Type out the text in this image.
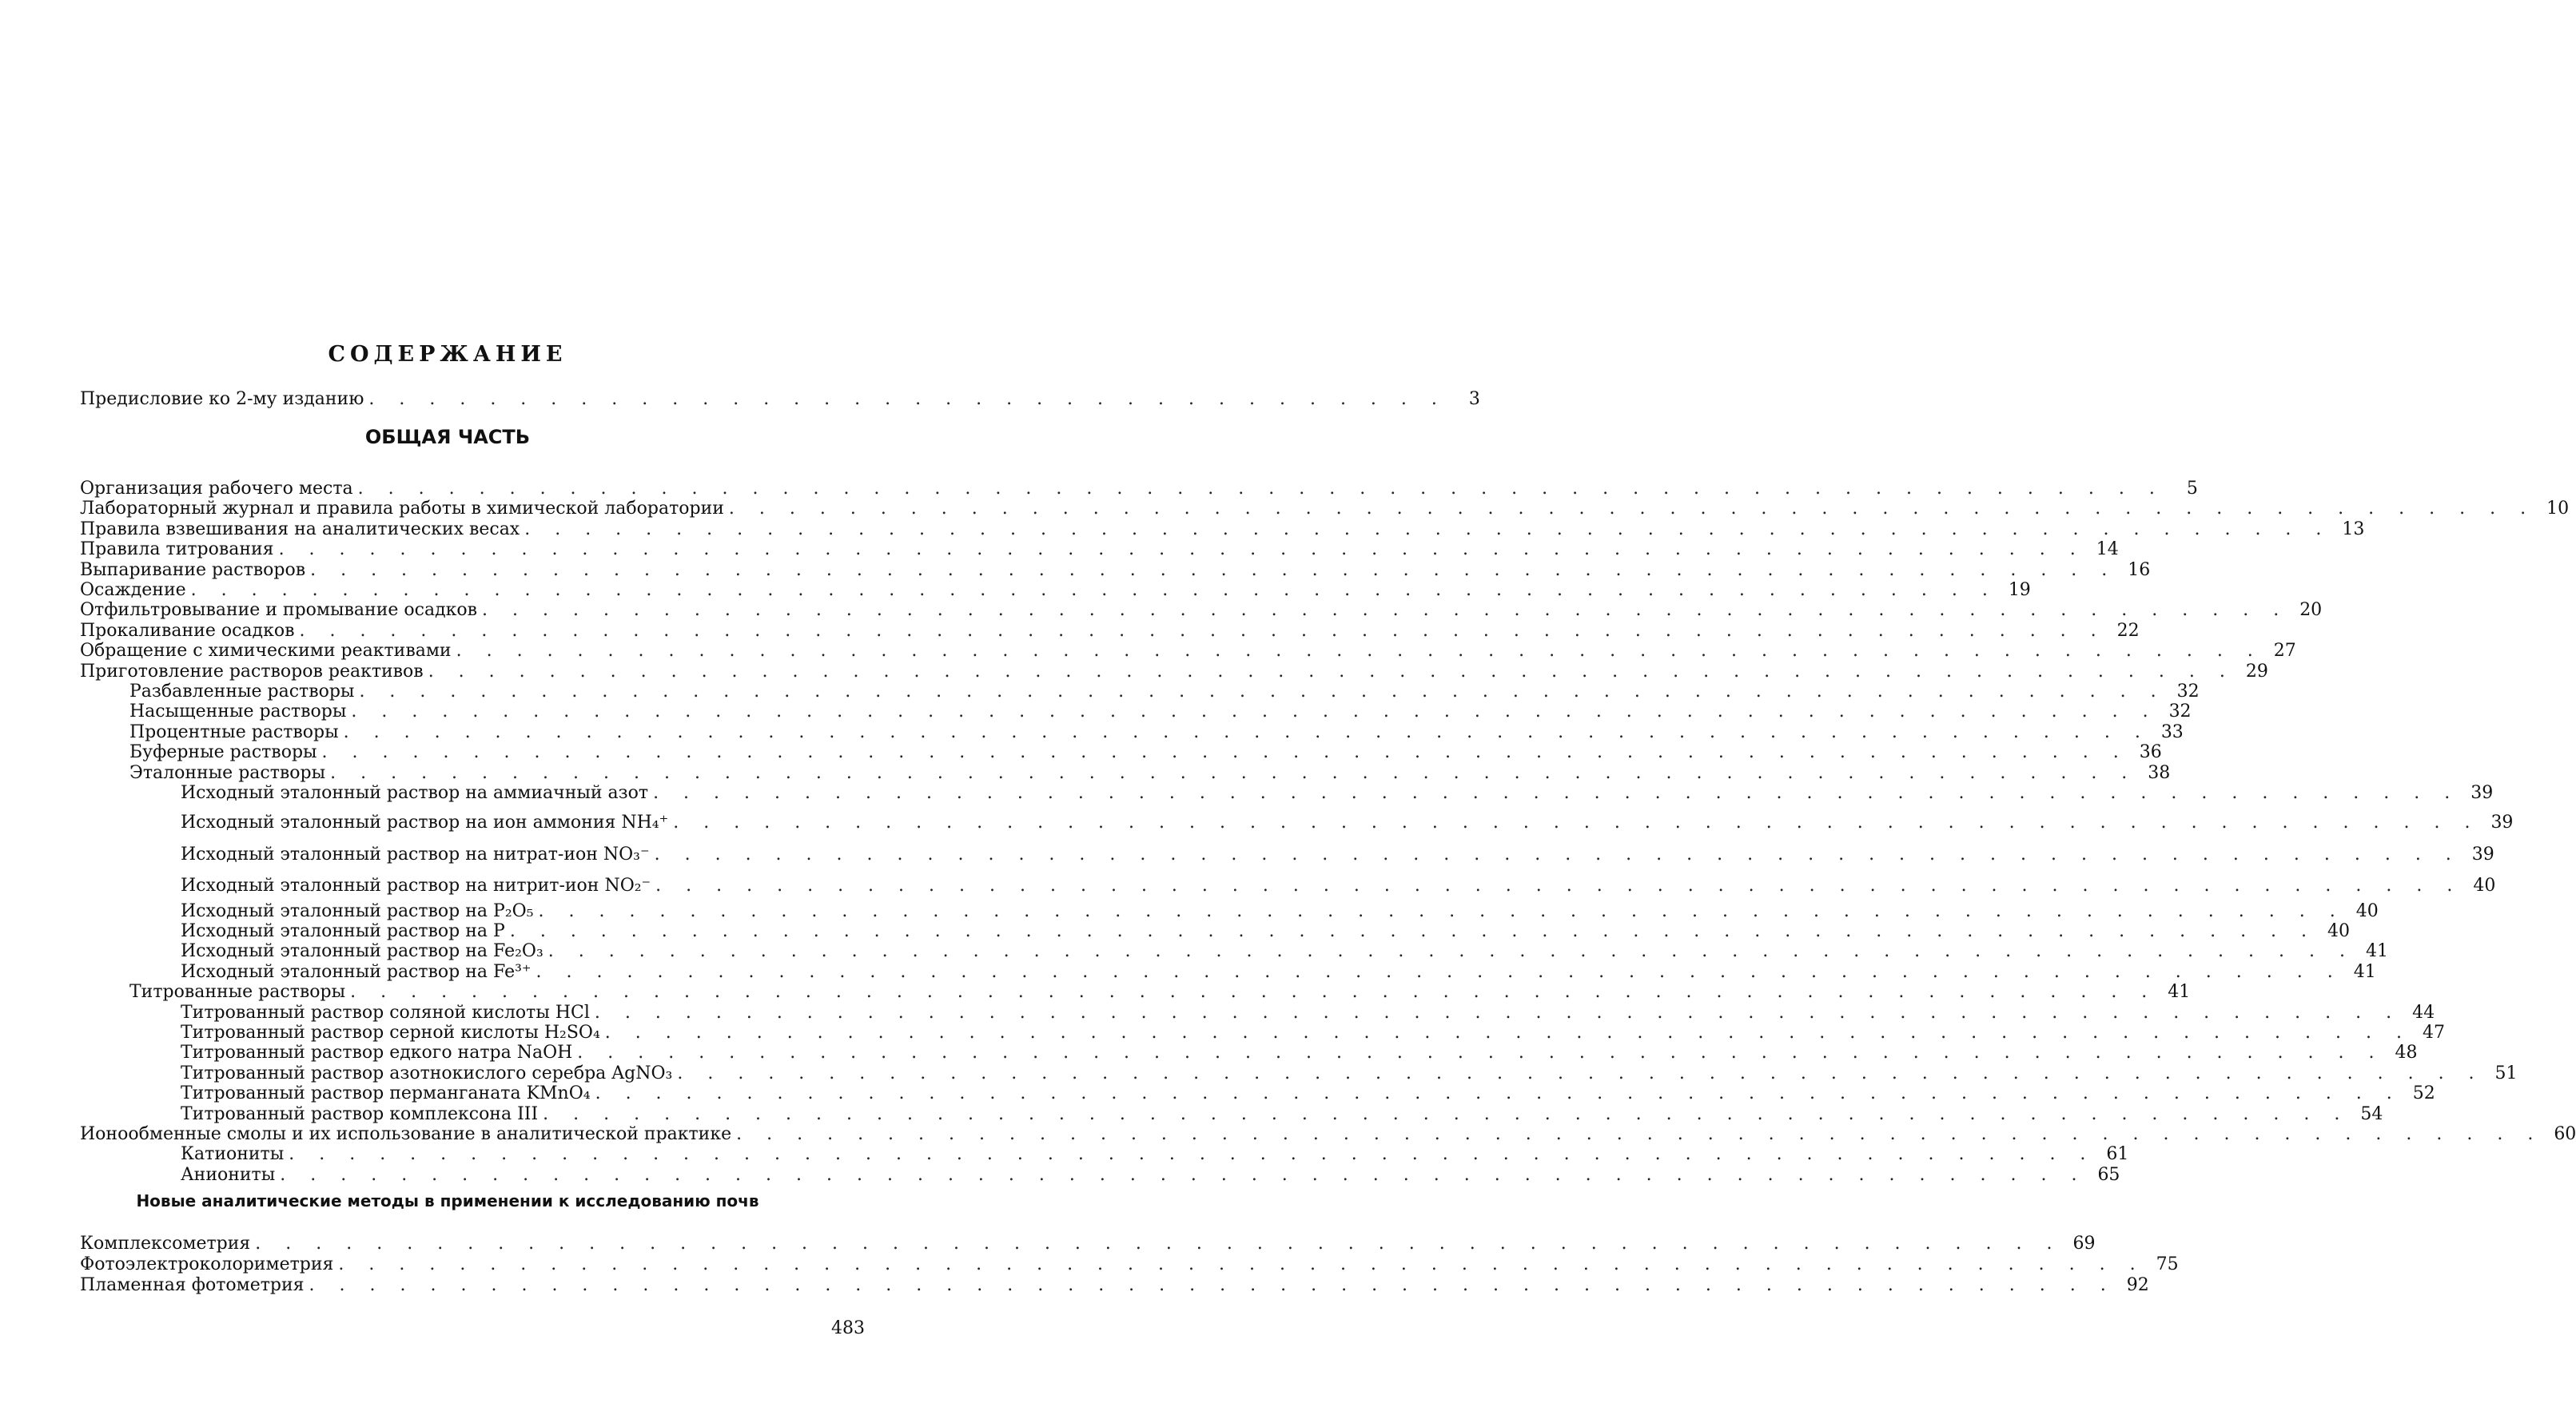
СОДЕРЖАНИЕ
Предисловие ко 2-му изданию . . . . . . . . . . . . . . . . . . . . . . . . . . . . . . . . . . . .	3
ОБЩАЯ ЧАСТЬ
Организация рабочего места . . . . . . . . . . . . . . . . . . . . . . . . . . . . . . . . . . . . . . . . . . . . . . . . . . . . . . . . . . . .	5
Лабораторный журнал и правила работы в химической лаборатории . . . . . . . . . . . . . . . . . . . . . . . . . . . . . . . . . . . . . . . . . . . . . . . . . . . . . . . . . . . . 10
Правила взвешивания на аналитических весах . . . . . . . . . . . . . . . . . . . . . . . . . . . . . . . . . . . . . . . . . . . . . . . . . . . . . . . . . . . . 13
Правила титрования . . . . . . . . . . . . . . . . . . . . . . . . . . . . . . . . . . . . . . . . . . . . . . . . . . . . . . . . . . . . 14
Выпаривание растворов . . . . . . . . . . . . . . . . . . . . . . . . . . . . . . . . . . . . . . . . . . . . . . . . . . . . . . . . . . . . 16
Осаждение . . . . . . . . . . . . . . . . . . . . . . . . . . . . . . . . . . . . . . . . . . . . . . . . . . . . . . . . . . . . 19
Отфильтровывание и промывание осадков . . . . . . . . . . . . . . . . . . . . . . . . . . . . . . . . . . . . . . . . . . . . . . . . . . . . . . . . . . . . 20
Прокаливание осадков . . . . . . . . . . . . . . . . . . . . . . . . . . . . . . . . . . . . . . . . . . . . . . . . . . . . . . . . . . . . 22
Обращение с химическими реактивами . . . . . . . . . . . . . . . . . . . . . . . . . . . . . . . . . . . . . . . . . . . . . . . . . . . . . . . . . . . . 27
Приготовление растворов реактивов . . . . . . . . . . . . . . . . . . . . . . . . . . . . . . . . . . . . . . . . . . . . . . . . . . . . . . . . . . . . 29
Разбавленные растворы . . . . . . . . . . . . . . . . . . . . . . . . . . . . . . . . . . . . . . . . . . . . . . . . . . . . . . . . . . . . 32
Насыщенные растворы . . . . . . . . . . . . . . . . . . . . . . . . . . . . . . . . . . . . . . . . . . . . . . . . . . . . . . . . . . . . 32
Процентные растворы . . . . . . . . . . . . . . . . . . . . . . . . . . . . . . . . . . . . . . . . . . . . . . . . . . . . . . . . . . . . 33
Буферные растворы . . . . . . . . . . . . . . . . . . . . . . . . . . . . . . . . . . . . . . . . . . . . . . . . . . . . . . . . . . . . 36
Эталонные растворы . . . . . . . . . . . . . . . . . . . . . . . . . . . . . . . . . . . . . . . . . . . . . . . . . . . . . . . . . . . . 38
Исходный эталонный раствор на аммиачный азот . . . . . . . . . . . . . . . . . . . . . . . . . . . . . . . . . . . . . . . . . . . . . . . . . . . . . . . . . . . . 39
Исходный эталонный раствор на ион аммония NH₄⁺ . . . . . . . . . . . . . . . . . . . . . . . . . . . . . . . . . . . . . . . . . . . . . . . . . . . . . . . . . . . . 39
Исходный эталонный раствор на нитрат-ион NO₃⁻ . . . . . . . . . . . . . . . . . . . . . . . . . . . . . . . . . . . . . . . . . . . . . . . . . . . . . . . . . . . . 39
Исходный эталонный раствор на нитрит-ион NO₂⁻ . . . . . . . . . . . . . . . . . . . . . . . . . . . . . . . . . . . . . . . . . . . . . . . . . . . . . . . . . . . . 40
Исходный эталонный раствор на P₂O₅ . . . . . . . . . . . . . . . . . . . . . . . . . . . . . . . . . . . . . . . . . . . . . . . . . . . . . . . . . . . . 40
Исходный эталонный раствор на P . . . . . . . . . . . . . . . . . . . . . . . . . . . . . . . . . . . . . . . . . . . . . . . . . . . . . . . . . . . . 40
Исходный эталонный раствор на Fe₂O₃ . . . . . . . . . . . . . . . . . . . . . . . . . . . . . . . . . . . . . . . . . . . . . . . . . . . . . . . . . . . . 41
Исходный эталонный раствор на Fe³⁺ . . . . . . . . . . . . . . . . . . . . . . . . . . . . . . . . . . . . . . . . . . . . . . . . . . . . . . . . . . . . 41
Титрованные растворы . . . . . . . . . . . . . . . . . . . . . . . . . . . . . . . . . . . . . . . . . . . . . . . . . . . . . . . . . . . . 41
Титрованный раствор соляной кислоты HCl . . . . . . . . . . . . . . . . . . . . . . . . . . . . . . . . . . . . . . . . . . . . . . . . . . . . . . . . . . . . 44
Титрованный раствор серной кислоты H₂SO₄ . . . . . . . . . . . . . . . . . . . . . . . . . . . . . . . . . . . . . . . . . . . . . . . . . . . . . . . . . . . . 47
Титрованный раствор едкого натра NaOH . . . . . . . . . . . . . . . . . . . . . . . . . . . . . . . . . . . . . . . . . . . . . . . . . . . . . . . . . . . . 48
Титрованный раствор азотнокислого серебра AgNO₃ . . . . . . . . . . . . . . . . . . . . . . . . . . . . . . . . . . . . . . . . . . . . . . . . . . . . . . . . . . . . 51
Титрованный раствор перманганата KMnO₄ . . . . . . . . . . . . . . . . . . . . . . . . . . . . . . . . . . . . . . . . . . . . . . . . . . . . . . . . . . . . 52
Титрованный раствор комплексона III . . . . . . . . . . . . . . . . . . . . . . . . . . . . . . . . . . . . . . . . . . . . . . . . . . . . . . . . . . . . 54
Ионообменные смолы и их использование в аналитической практике . . . . . . . . . . . . . . . . . . . . . . . . . . . . . . . . . . . . . . . . . . . . . . . . . . . . . . . . . . . . 60
Катиониты . . . . . . . . . . . . . . . . . . . . . . . . . . . . . . . . . . . . . . . . . . . . . . . . . . . . . . . . . . . . 61
Аниониты . . . . . . . . . . . . . . . . . . . . . . . . . . . . . . . . . . . . . . . . . . . . . . . . . . . . . . . . . . . . 65
Новые аналитические методы в применении к исследованию почв
Комплексометрия . . . . . . . . . . . . . . . . . . . . . . . . . . . . . . . . . . . . . . . . . . . . . . . . . . . . . . . . . . . . 69
Фотоэлектроколориметрия . . . . . . . . . . . . . . . . . . . . . . . . . . . . . . . . . . . . . . . . . . . . . . . . . . . . . . . . . . . . 75
Пламенная фотометрия . . . . . . . . . . . . . . . . . . . . . . . . . . . . . . . . . . . . . . . . . . . . . . . . . . . . . . . . . . . . 92
483
